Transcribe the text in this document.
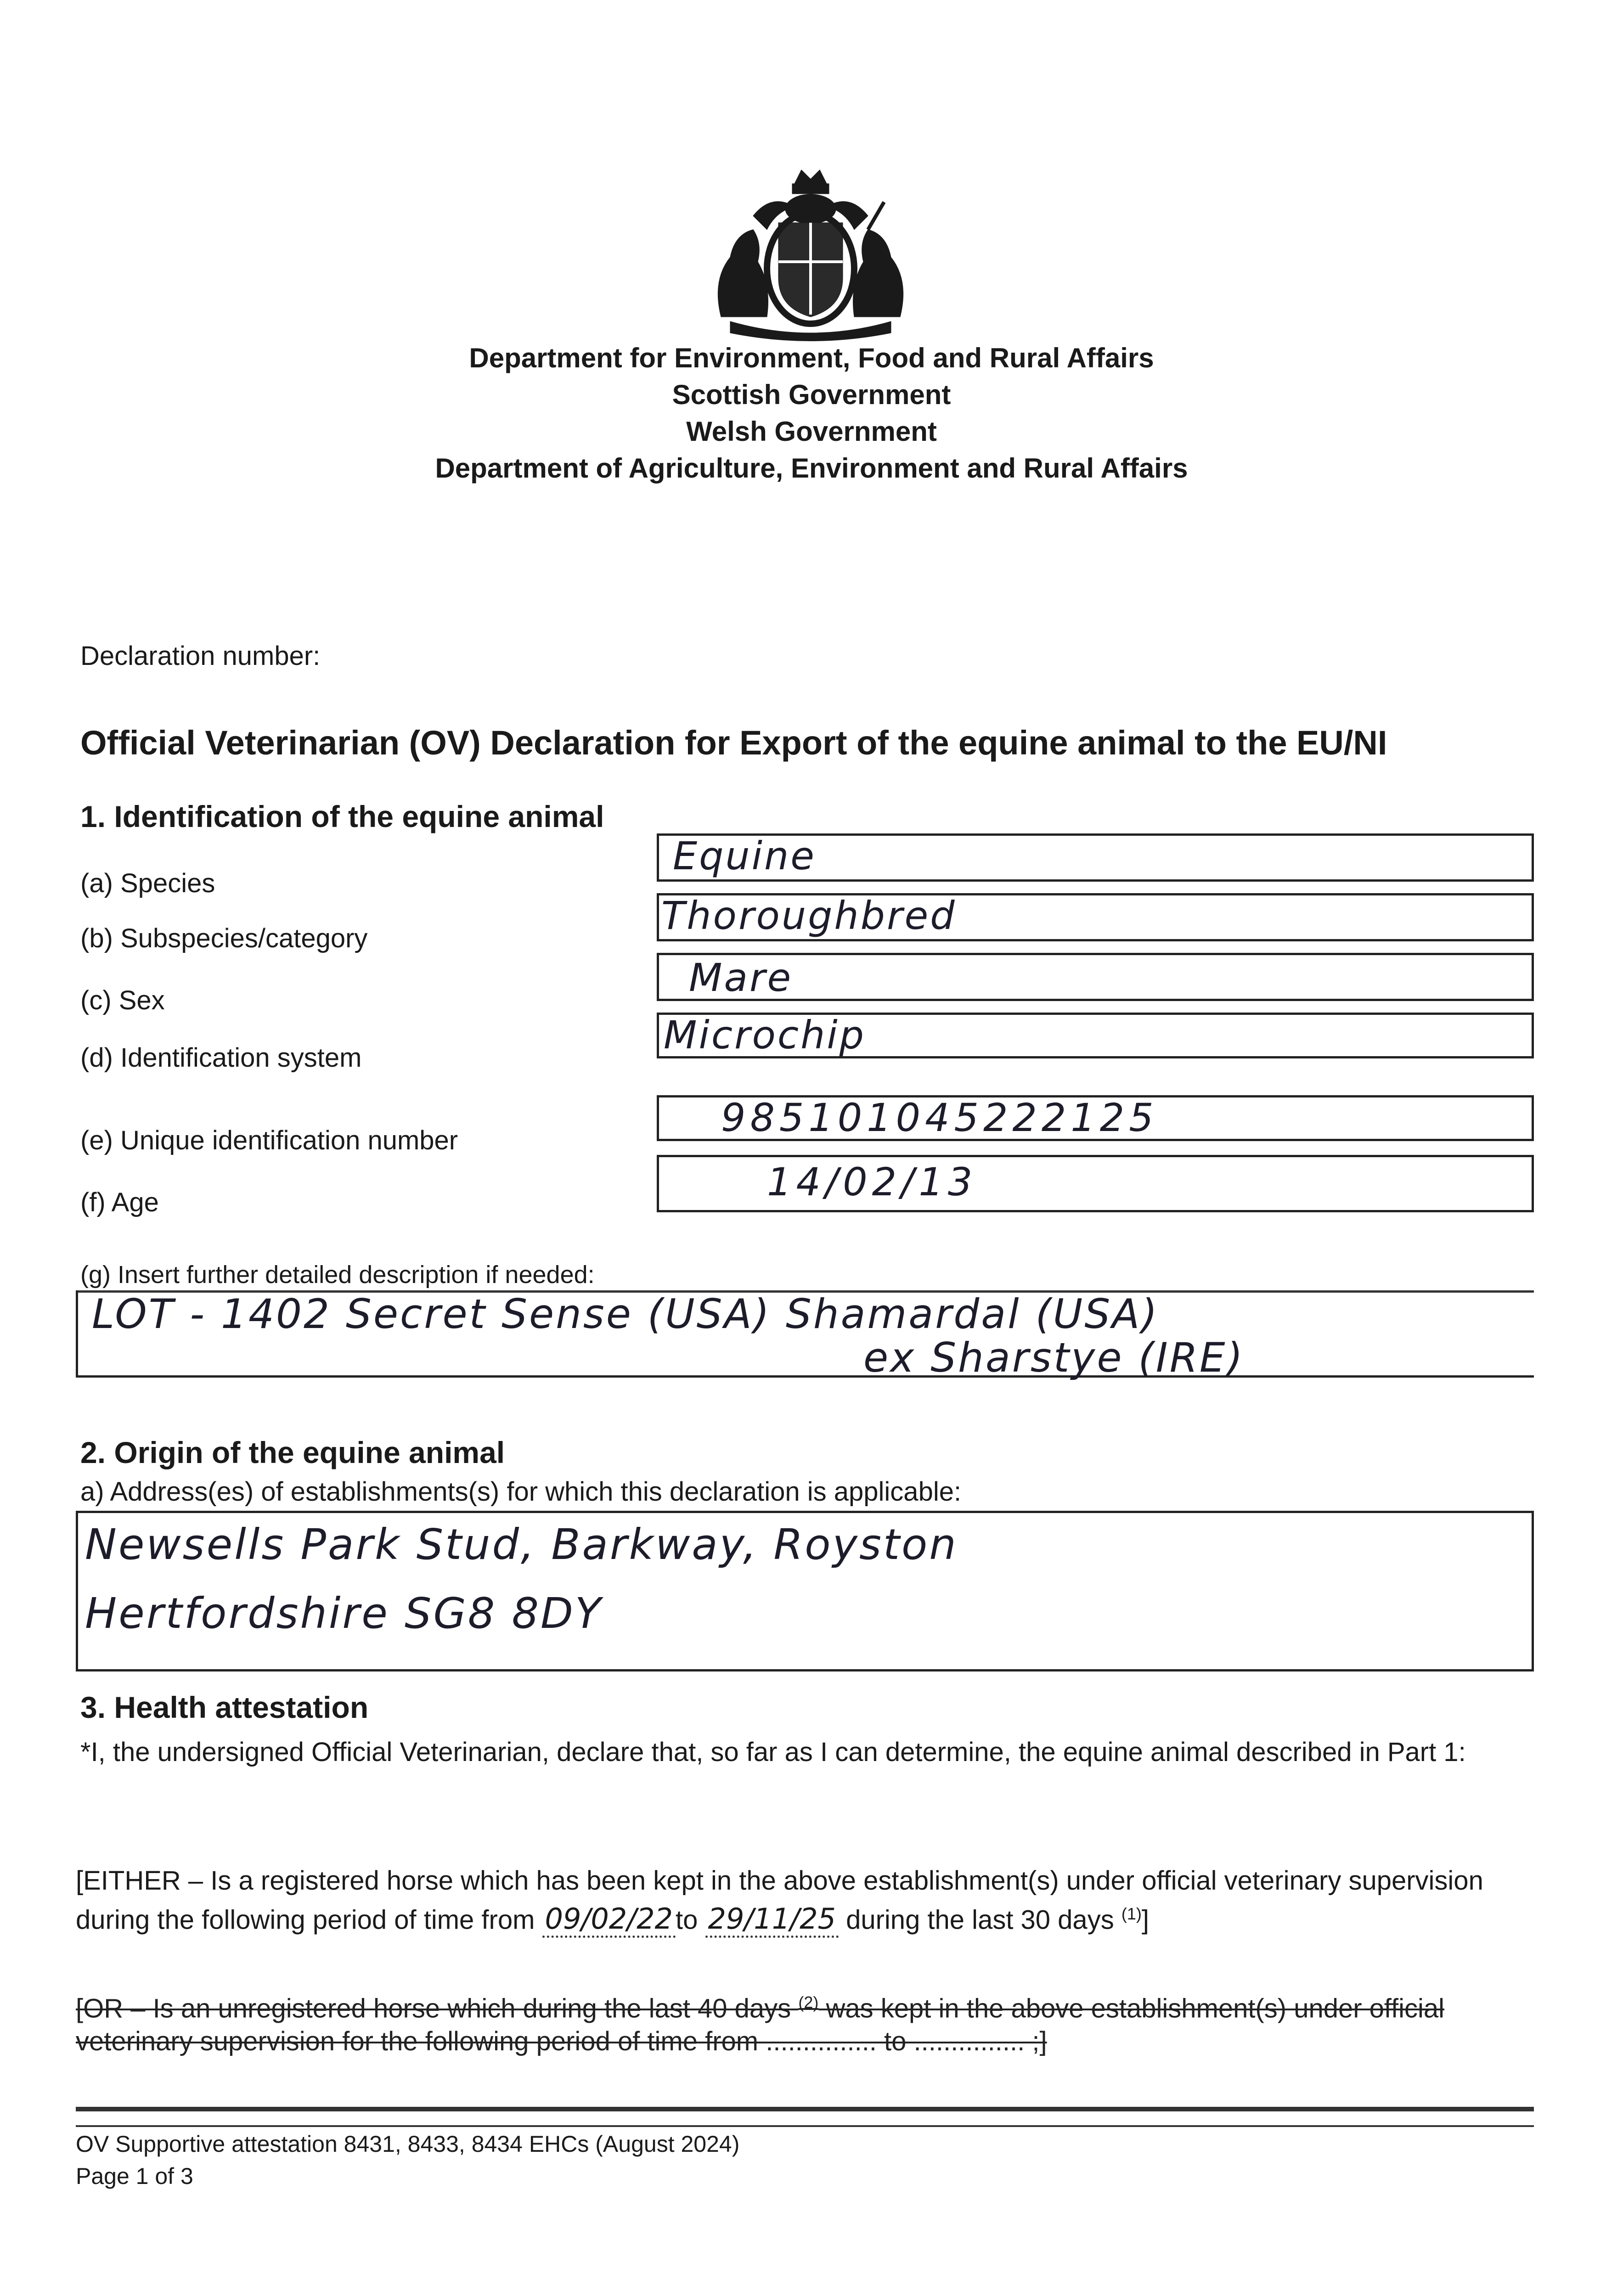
Department for Environment, Food and Rural Affairs
Scottish Government
Welsh Government
Department of Agriculture, Environment and Rural Affairs
Declaration number:
Official Veterinarian (OV) Declaration for Export of the equine animal to the EU/NI
1. Identification of the equine animal
(a) Species
Equine
(b) Subspecies/category
Thoroughbred
(c) Sex
Mare
(d) Identification system
Microchip
(e) Unique identification number
985101045222125
(f) Age	14/02/13
(g) Insert further detailed description if needed:
LOT - 1402 Secret Sense (USA) Shamardal (USA)
ex Sharstye (IRE)
2. Origin of the equine animal
a) Address(es) of establishments(s) for which this declaration is applicable:
Newsells Park Stud, Barkway, Royston
Hertfordshire SG8 8DY
3. Health attestation
*I, the undersigned Official Veterinarian, declare that, so far as I can determine, the equine animal described in Part 1:
[EITHER – Is a registered horse which has been kept in the above establishment(s) under official veterinary supervision during the following period of time from 09/02/22 to 29/11/25 during the last 30 days $^{(1)}$]
[OR – Is an unregistered horse which during the last 40 days $^{(2)}$ was kept in the above establishment(s) under official veterinary supervision for the following period of time from ............... to ............... ;]
OV Supportive attestation 8431, 8433, 8434 EHCs (August 2024)
Page 1 of 3
